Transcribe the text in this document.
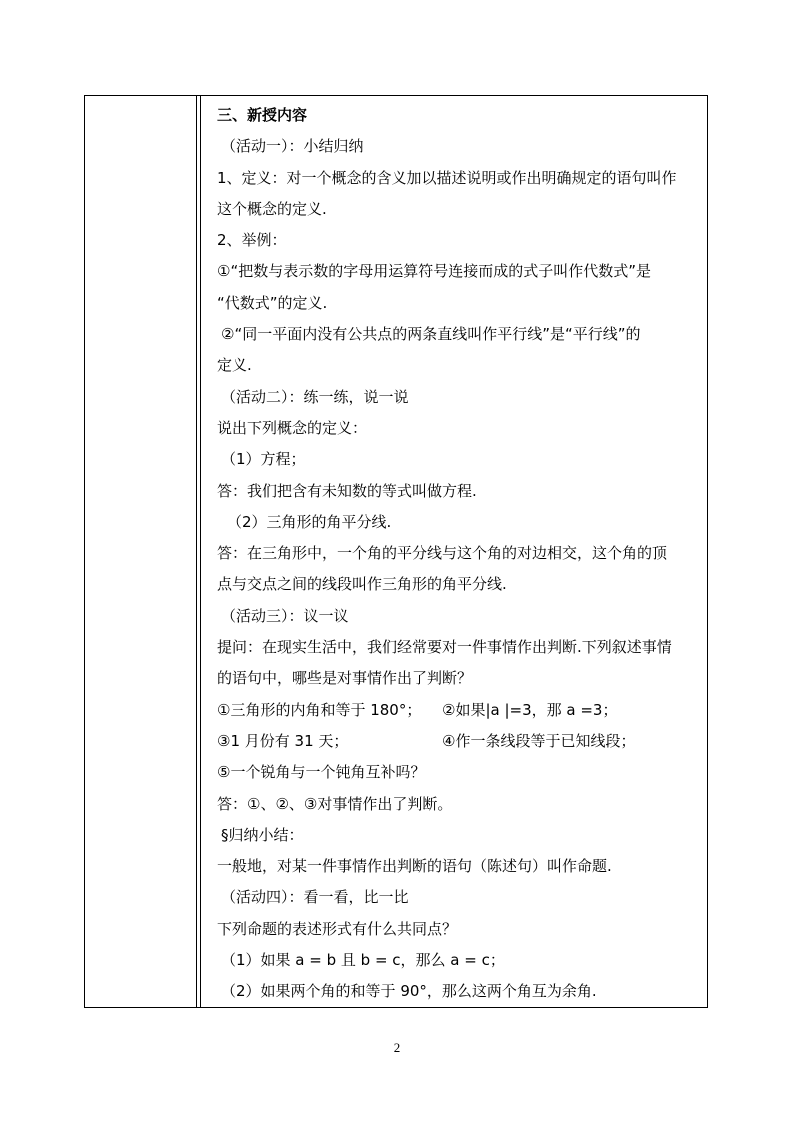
三、新授内容
（活动一）：小结归纳
1、定义：对一个概念的含义加以描述说明或作出明确规定的语句叫作
这个概念的定义.
2、举例：
①“把数与表示数的字母用运算符号连接而成的式子叫作代数式”是
“代数式”的定义.
②“同一平面内没有公共点的两条直线叫作平行线”是“平行线”的
定义.
（活动二）：练一练，说一说
说出下列概念的定义：
（1）方程；
答：我们把含有未知数的等式叫做方程.
（2）三角形的角平分线.
答：在三角形中，一个角的平分线与这个角的对边相交，这个角的顶
点与交点之间的线段叫作三角形的角平分线.
（活动三）：议一议
提问：在现实生活中，我们经常要对一件事情作出判断.下列叙述事情
的语句中，哪些是对事情作出了判断？
①三角形的内角和等于 180°；	②如果|a |=3，那 a =3；
③1 月份有 31 天；	④作一条线段等于已知线段；
⑤一个锐角与一个钝角互补吗？
答：①、②、③对事情作出了判断。
§归纳小结：
一般地，对某一件事情作出判断的语句（陈述句）叫作命题.
（活动四）：看一看，比一比
下列命题的表述形式有什么共同点？
（1）如果 a = b 且 b = c，那么 a = c；
（2）如果两个角的和等于 90°，那么这两个角互为余角.
2
